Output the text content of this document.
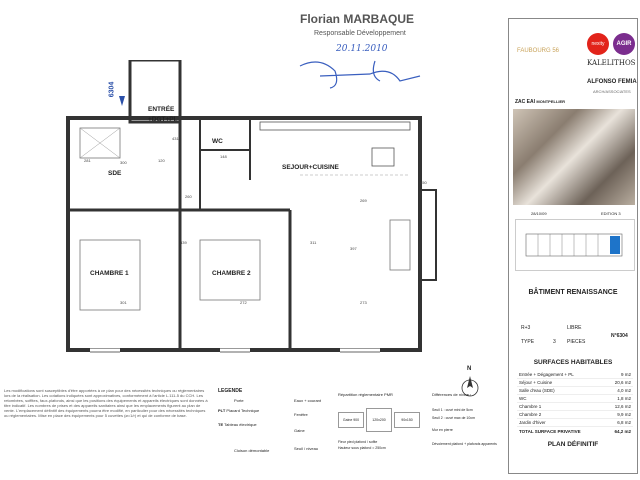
Florian MARBAQUE
Responsable Développement
20.11.2010
6304
ENTRÉE
+DGT+PL
SDE
WC
SEJOUR+CUISINE
CHAMBRE 1	CHAMBRE 2
120
431
281
148
260
311
397
301
269
339
272	273
300
450
N
FAUBOURG 56
nexity	AGIR
KALELITHOS
ALFONSO FEMIA
ARCH/ASSOCIATES
ZAC EAI MONTPELLIER
28/10/09	EDITION 3
BÂTIMENT RENAISSANCE
R+3	LIBRE
TYPE	3 PIECES
N°6304
SURFACES HABITABLES
Entrée + Dégagement + PL	9 m2
Séjour + Cuisine	20,6 m2
Salle d'eau (SDE)	4,0 m2
WC	1,8 m2
Chambre 1	12,6 m2
Chambre 2	9,9 m2
Jardin d'hiver	6,8 m2
TOTAL SURFACE PRIVATIVE	64,2 m2
PLAN DÉFINITIF
Les modifications sont susceptibles d'être apportées à ce plan pour des nécessités techniques ou réglementaires lors de la réalisation. Les cotations indiquées sont approximatives, conformément à l'article L.111-5 du CCH. Les retombées, soffites, faux-plafonds, ainsi que les positions des équipements et appareils électriques sont données à titre indicatif. Les nombres de prises et des appareils sanitaires ainsi que les emplacements figurent au plan de vente. L'emplacement définitif des équipements pourra être modifié, en particulier pour des nécessités techniques ou réglementaires. Mise en place des équipements pour 5 cuvettes (ø=1/r) et qui de conforme de base.
LEGENDE
Porte
PLT Placard Technique
TE Tableau électrique
Cloison démontable
Eaux + courant
Fenêtre
Gaine
Seuil / niveau
Répartition réglementaire PMR
Gaine 900	120x200	90x150
Fleur pied plafond / sofite
Hauteur sous plafond = 250cm
Différences de niveau
Seuil 1 : cuvé mini de 5cm
Seuil 2 : cuvé max de 10cm
Mur en pierre
Dévoiement plafond + plafonds apparents
